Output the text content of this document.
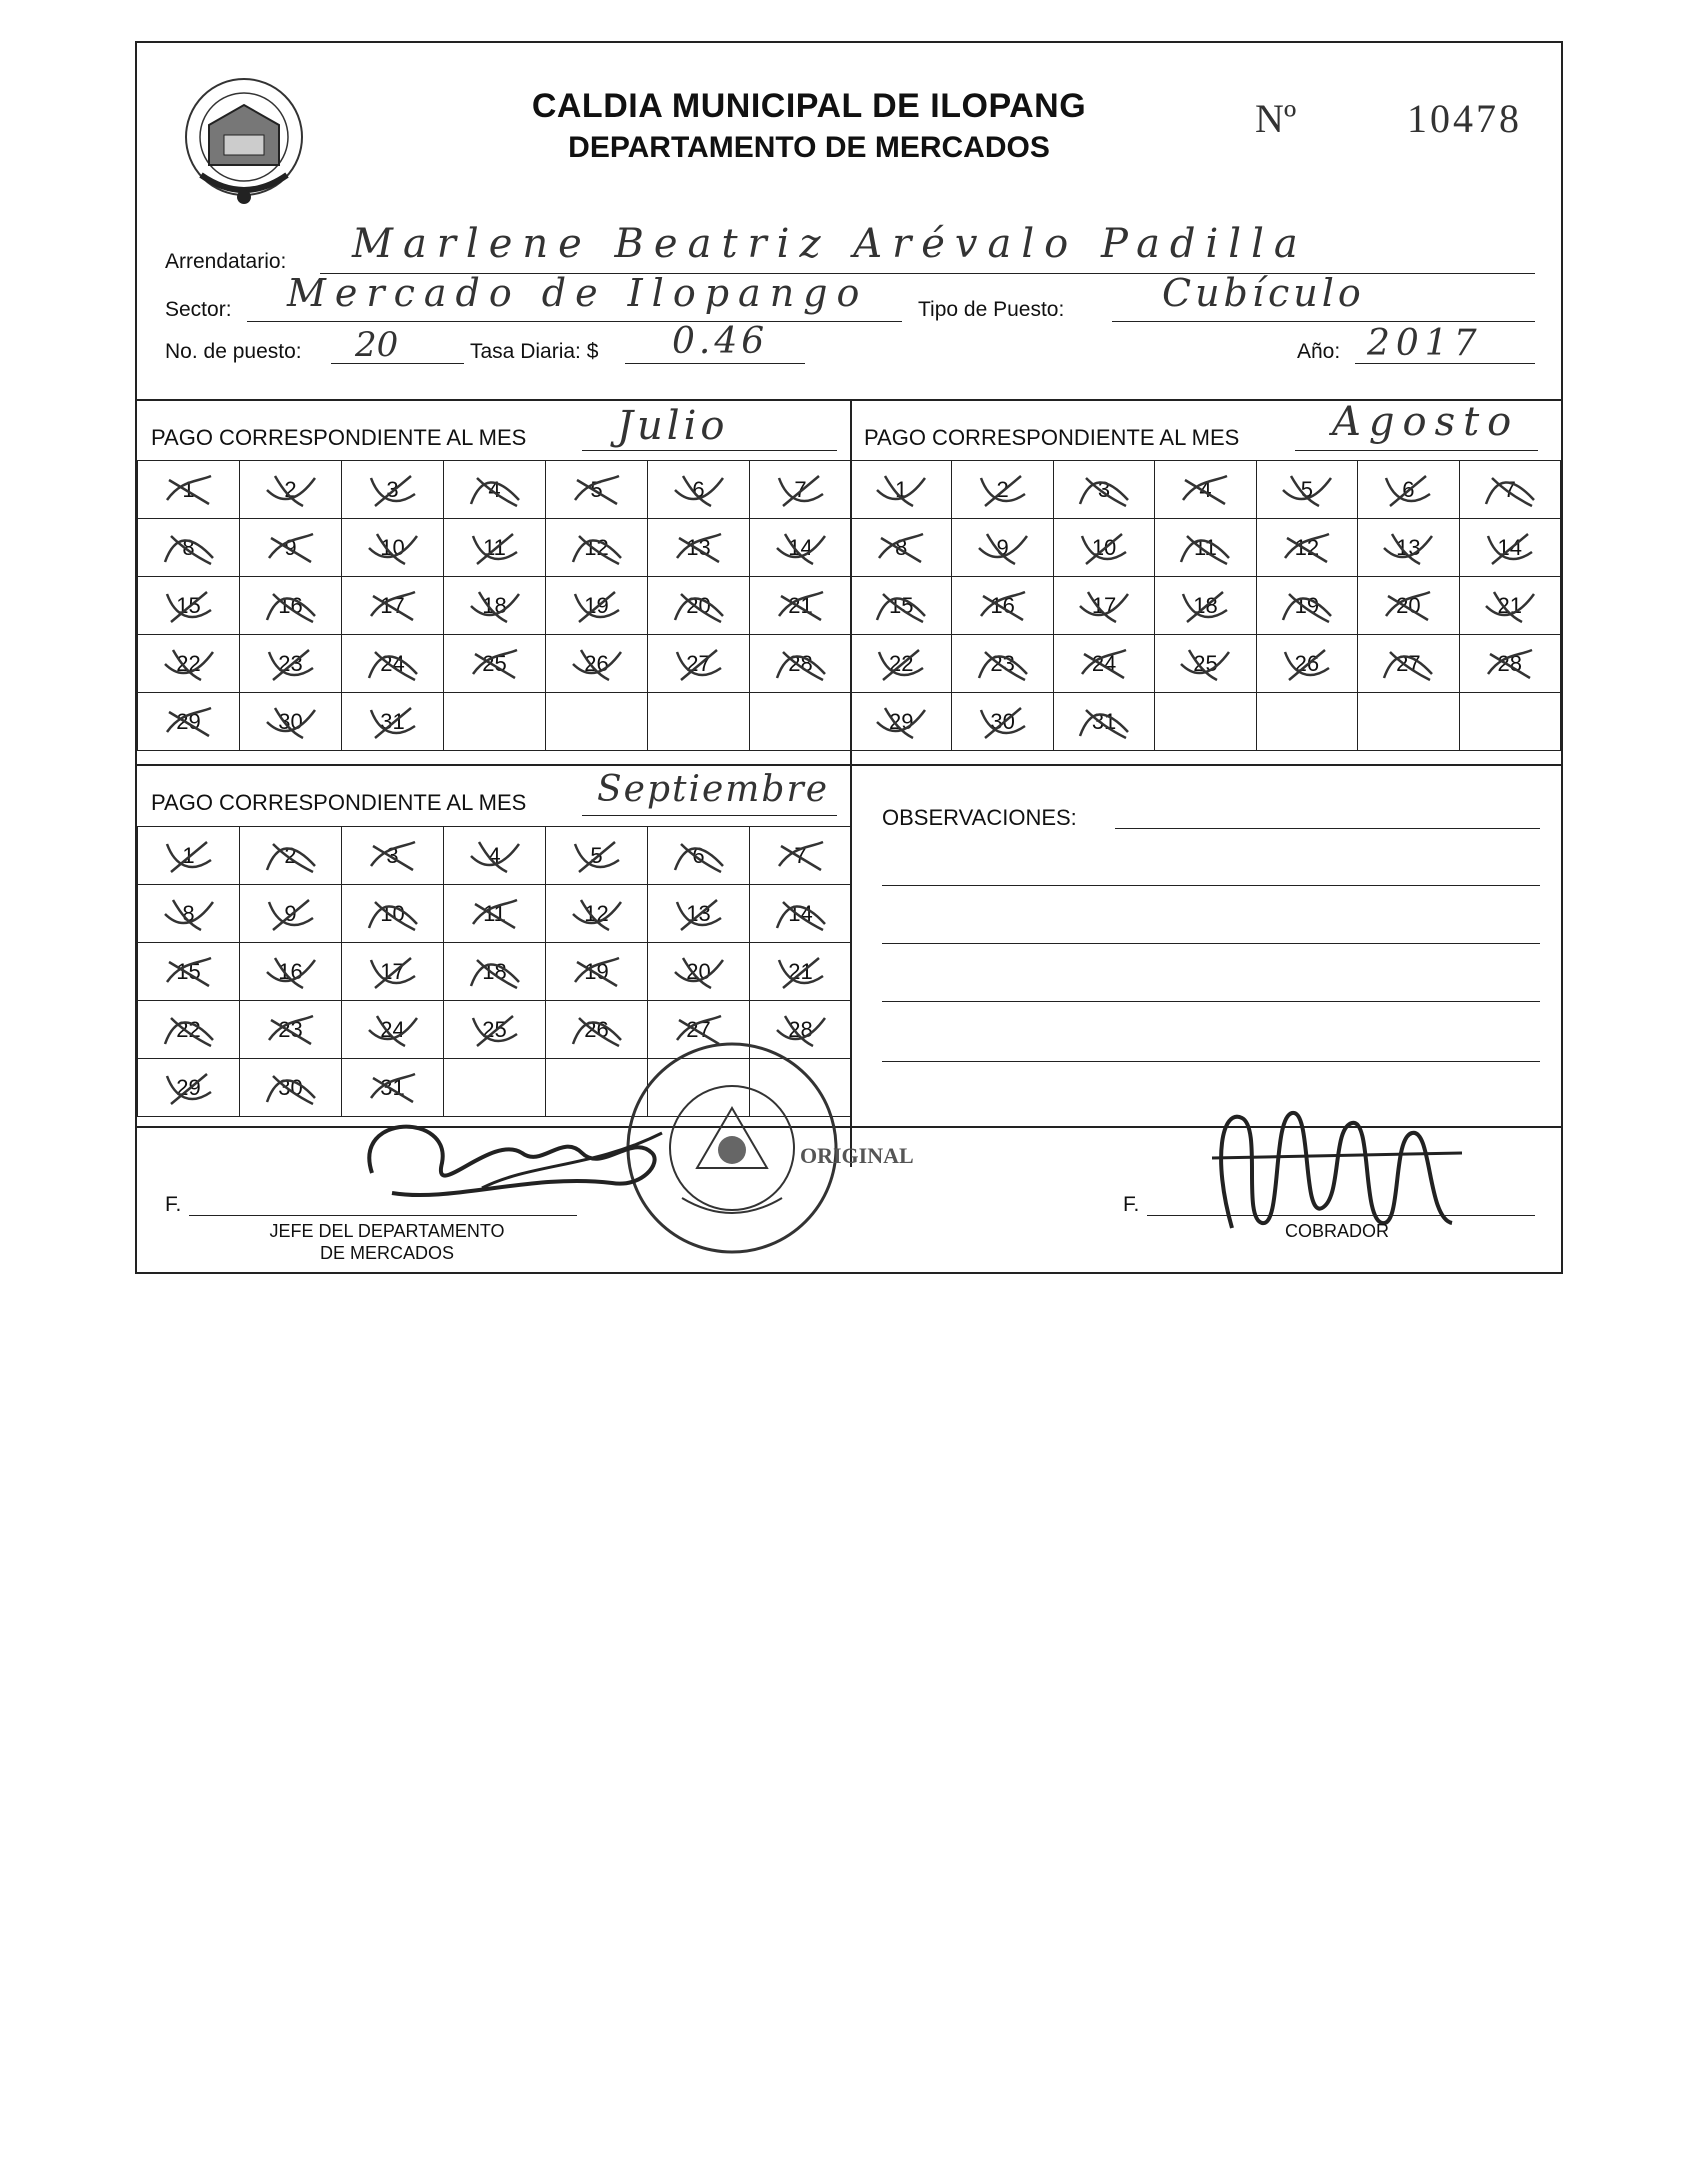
CALDIA MUNICIPAL DE ILOPANG
DEPARTAMENTO DE MERCADOS
Nº	10478
Arrendatario: Marlene Beatriz Arévalo Padilla
Sector: Mercado de Ilopango Tipo de Puesto:	Cubículo
No. de puesto: 20	Tasa Diaria: $ 0.46	Año: 2017
PAGO CORRESPONDIENTE AL MES Julio	PAGO CORRESPONDIENTE AL MES Agosto
PAGO CORRESPONDIENTE AL MES Septiembre
1	2	3	4	5	6	7

8	9	10	11	12	13	14

15	16	17	18	19	20	21

22	23	24	25	26	27	28

29	30	31

1	2	3	4	5	6	7

8	9	10	11	12	13	14

15	16	17	18	19	20	21

22	23	24	25	26	27	28

29	30	31

1	2	3	4	5	6	7

8	9	10	11	12	13	14

15	16	17	18	19	20	21

22	23	24	25	26	27	28

29	30	31

OBSERVACIONES:
ORIGINAL
F.
JEFE DEL DEPARTAMENTO
DE MERCADOS
F.
COBRADOR
